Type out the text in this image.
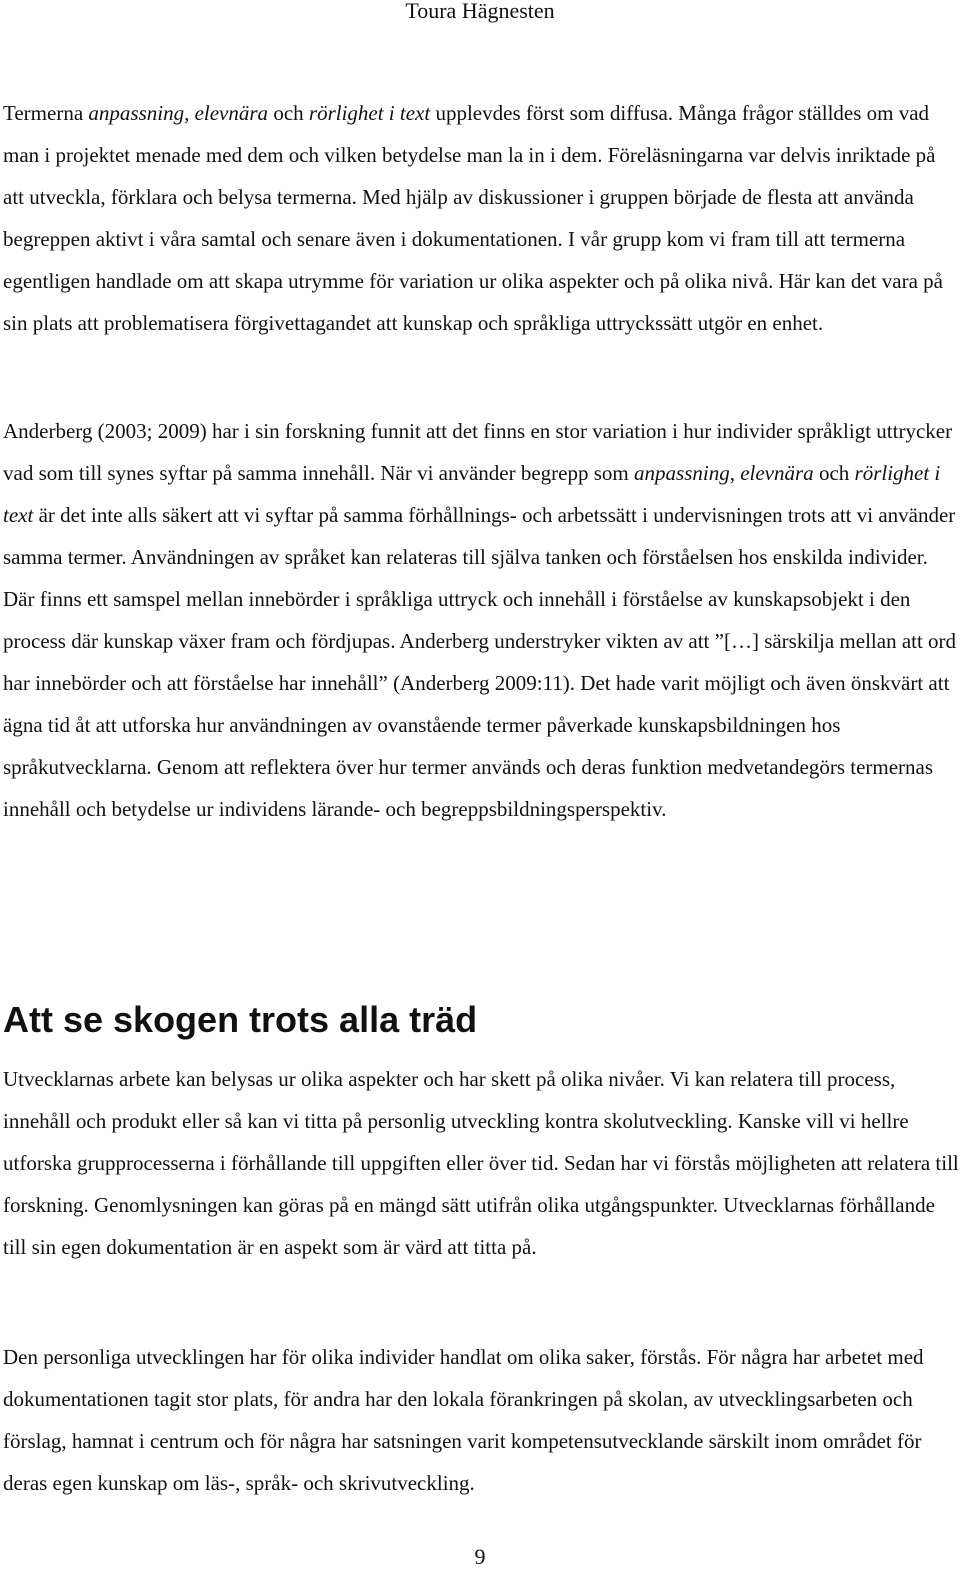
Toura Hägnesten

Termerna anpassning, elevnära och rörlighet i text upplevdes först som diffusa. Många frågor ställdes om vad man i projektet menade med dem och vilken betydelse man la in i dem. Föreläsningarna var delvis inriktade på att utveckla, förklara och belysa termerna. Med hjälp av diskussioner i gruppen började de flesta att använda begreppen aktivt i våra samtal och senare även i dokumentationen. I vår grupp kom vi fram till att termerna egentligen handlade om att skapa utrymme för variation ur olika aspekter och på olika nivå. Här kan det vara på sin plats att problematisera förgivettagandet att kunskap och språkliga uttryckssätt utgör en enhet.

Anderberg (2003; 2009) har i sin forskning funnit att det finns en stor variation i hur individer språkligt uttrycker vad som till synes syftar på samma innehåll. När vi använder begrepp som anpassning, elevnära och rörlighet i text är det inte alls säkert att vi syftar på samma förhållnings- och arbetssätt i undervisningen trots att vi använder samma termer. Användningen av språket kan relateras till själva tanken och förståelsen hos enskilda individer. Där finns ett samspel mellan innebörder i språkliga uttryck och innehåll i förståelse av kunskapsobjekt i den process där kunskap växer fram och fördjupas. Anderberg understryker vikten av att ”[…] särskilja mellan att ord har innebörder och att förståelse har innehåll” (Anderberg 2009:11). Det hade varit möjligt och även önskvärt att ägna tid åt att utforska hur användningen av ovanstående termer påverkade kunskapsbildningen hos språkutvecklarna. Genom att reflektera över hur termer används och deras funktion medvetandegörs termernas innehåll och betydelse ur individens lärande- och begreppsbildningsperspektiv.

Att se skogen trots alla träd

Utvecklarnas arbete kan belysas ur olika aspekter och har skett på olika nivåer. Vi kan relatera till process, innehåll och produkt eller så kan vi titta på personlig utveckling kontra skolutveckling. Kanske vill vi hellre utforska grupprocesserna i förhållande till uppgiften eller över tid. Sedan har vi förstås möjligheten att relatera till forskning. Genomlysningen kan göras på en mängd sätt utifrån olika utgångspunkter. Utvecklarnas förhållande till sin egen dokumentation är en aspekt som är värd att titta på.

Den personliga utvecklingen har för olika individer handlat om olika saker, förstås. För några har arbetet med dokumentationen tagit stor plats, för andra har den lokala förankringen på skolan, av utvecklingsarbeten och förslag, hamnat i centrum och för några har satsningen varit kompetensutvecklande särskilt inom området för deras egen kunskap om läs-, språk- och skrivutveckling.

9
